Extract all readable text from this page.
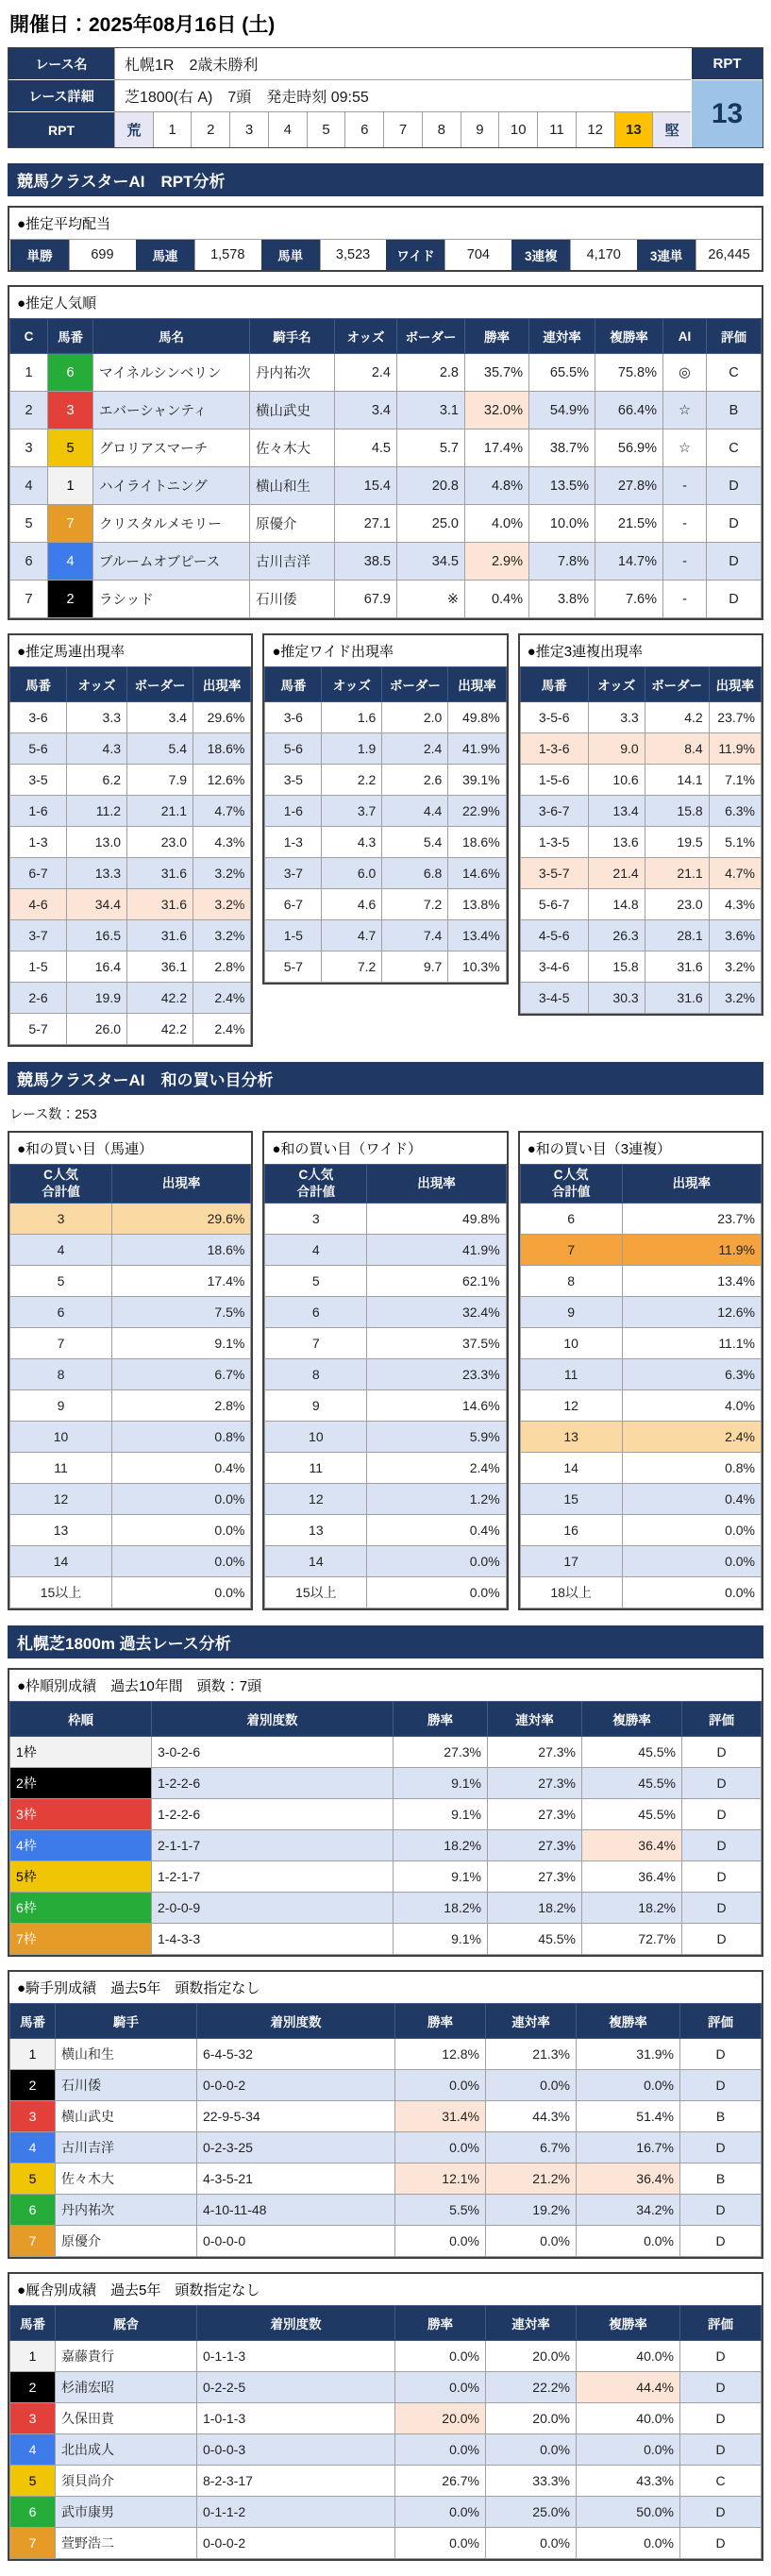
開催日：2025年08月16日 (土)
レース名	札幌1R　2歳未勝利	RPT
レース詳細	芝1800(右 A)　7頭　発走時刻 09:55	13
RPT	荒	1	2	3	4	5	6	7	8	9	10	11	12	13	堅
競馬クラスターAI　RPT分析
●推定平均配当
単勝	699	馬連	1,578	馬単	3,523	ワイド	704	3連複	4,170	3連単	26,445
●推定人気順
C	馬番	馬名	騎手名	オッズ	ボーダー	勝率	連対率	複勝率	AI	評価
1	6	マイネルシンベリン	丹内祐次	2.4	2.8	35.7%	65.5%	75.8%	◎	C
2	3	エバーシャンティ	横山武史	3.4	3.1	32.0%	54.9%	66.4%	☆	B
3	5	グロリアスマーチ	佐々木大	4.5	5.7	17.4%	38.7%	56.9%	☆	C
4	1	ハイライトニング	横山和生	15.4	20.8	4.8%	13.5%	27.8%	-	D
5	7	クリスタルメモリー	原優介	27.1	25.0	4.0%	10.0%	21.5%	-	D
6	4	ブルームオブピース	古川吉洋	38.5	34.5	2.9%	7.8%	14.7%	-	D
7	2	ラシッド	石川倭	67.9	※	0.4%	3.8%	7.6%	-	D
●推定馬連出現率
馬番	オッズ	ボーダー	出現率
3-6	3.3	3.4	29.6%
5-6	4.3	5.4	18.6%
3-5	6.2	7.9	12.6%
1-6	11.2	21.1	4.7%
1-3	13.0	23.0	4.3%
6-7	13.3	31.6	3.2%
4-6	34.4	31.6	3.2%
3-7	16.5	31.6	3.2%
1-5	16.4	36.1	2.8%
2-6	19.9	42.2	2.4%
5-7	26.0	42.2	2.4%
●推定ワイド出現率
馬番	オッズ	ボーダー	出現率
3-6	1.6	2.0	49.8%
5-6	1.9	2.4	41.9%
3-5	2.2	2.6	39.1%
1-6	3.7	4.4	22.9%
1-3	4.3	5.4	18.6%
3-7	6.0	6.8	14.6%
6-7	4.6	7.2	13.8%
1-5	4.7	7.4	13.4%
5-7	7.2	9.7	10.3%
●推定3連複出現率
馬番	オッズ	ボーダー	出現率
3-5-6	3.3	4.2	23.7%
1-3-6	9.0	8.4	11.9%
1-5-6	10.6	14.1	7.1%
3-6-7	13.4	15.8	6.3%
1-3-5	13.6	19.5	5.1%
3-5-7	21.4	21.1	4.7%
5-6-7	14.8	23.0	4.3%
4-5-6	26.3	28.1	3.6%
3-4-6	15.8	31.6	3.2%
3-4-5	30.3	31.6	3.2%
競馬クラスターAI　和の買い目分析
レース数：253
●和の買い目（馬連）
C人気
合計値	出現率
3	29.6%
4	18.6%
5	17.4%
6	7.5%
7	9.1%
8	6.7%
9	2.8%
10	0.8%
11	0.4%
12	0.0%
13	0.0%
14	0.0%
15以上	0.0%
●和の買い目（ワイド）
C人気
合計値	出現率
3	49.8%
4	41.9%
5	62.1%
6	32.4%
7	37.5%
8	23.3%
9	14.6%
10	5.9%
11	2.4%
12	1.2%
13	0.4%
14	0.0%
15以上	0.0%
●和の買い目（3連複）
C人気
合計値	出現率
6	23.7%
7	11.9%
8	13.4%
9	12.6%
10	11.1%
11	6.3%
12	4.0%
13	2.4%
14	0.8%
15	0.4%
16	0.0%
17	0.0%
18以上	0.0%
札幌芝1800m 過去レース分析
●枠順別成績　過去10年間　頭数：7頭
枠順	着別度数	勝率	連対率	複勝率	評価
1枠	3-0-2-6	27.3%	27.3%	45.5%	D
2枠	1-2-2-6	9.1%	27.3%	45.5%	D
3枠	1-2-2-6	9.1%	27.3%	45.5%	D
4枠	2-1-1-7	18.2%	27.3%	36.4%	D
5枠	1-2-1-7	9.1%	27.3%	36.4%	D
6枠	2-0-0-9	18.2%	18.2%	18.2%	D
7枠	1-4-3-3	9.1%	45.5%	72.7%	D
●騎手別成績　過去5年　頭数指定なし
馬番	騎手	着別度数	勝率	連対率	複勝率	評価
1	横山和生	6-4-5-32	12.8%	21.3%	31.9%	D
2	石川倭	0-0-0-2	0.0%	0.0%	0.0%	D
3	横山武史	22-9-5-34	31.4%	44.3%	51.4%	B
4	古川吉洋	0-2-3-25	0.0%	6.7%	16.7%	D
5	佐々木大	4-3-5-21	12.1%	21.2%	36.4%	B
6	丹内祐次	4-10-11-48	5.5%	19.2%	34.2%	D
7	原優介	0-0-0-0	0.0%	0.0%	0.0%	D
●厩舎別成績　過去5年　頭数指定なし
馬番	厩舎	着別度数	勝率	連対率	複勝率	評価
1	嘉藤貴行	0-1-1-3	0.0%	20.0%	40.0%	D
2	杉浦宏昭	0-2-2-5	0.0%	22.2%	44.4%	D
3	久保田貴	1-0-1-3	20.0%	20.0%	40.0%	D
4	北出成人	0-0-0-3	0.0%	0.0%	0.0%	D
5	須貝尚介	8-2-3-17	26.7%	33.3%	43.3%	C
6	武市康男	0-1-1-2	0.0%	25.0%	50.0%	D
7	萱野浩二	0-0-0-2	0.0%	0.0%	0.0%	D
